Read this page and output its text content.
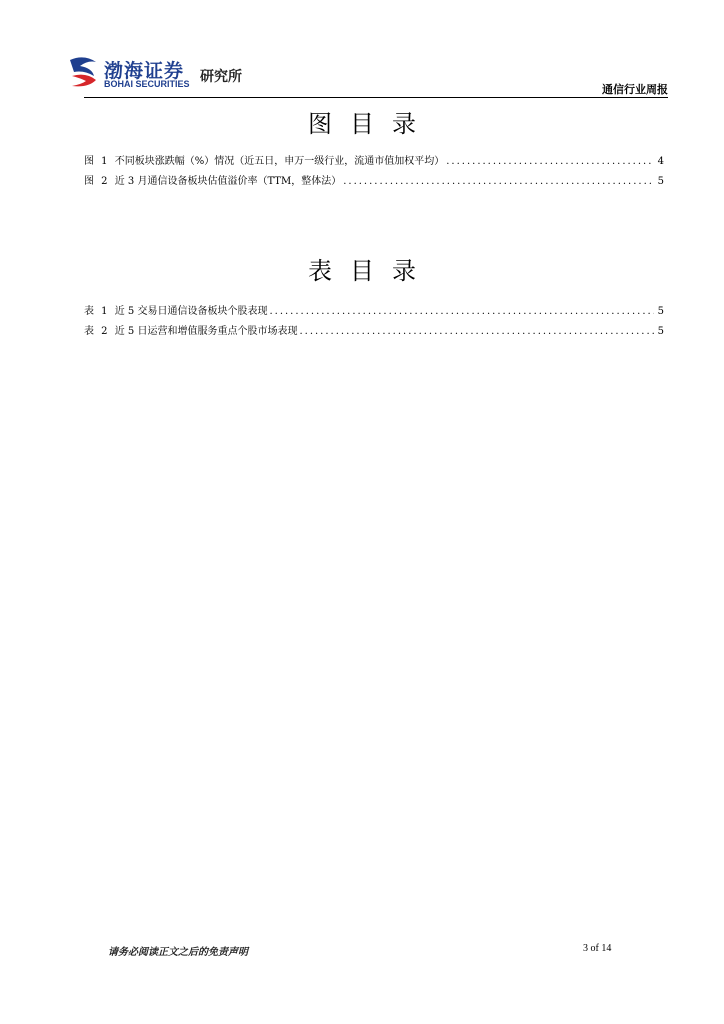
渤海证券
BOHAI SECURITIES 研究所
通信行业周报
图目录
图 1 不同板块涨跌幅（%）情况（近五日，申万一级行业，流通市值加权平均） .....	4
图 2 近 3 月通信设备板块估值溢价率（TTM，整体法） .....	5
表目录
表 1 近 5 交易日通信设备板块个股表现 .....	5
表 2 近 5 日运营和增值服务重点个股市场表现 .....	5
请务必阅读正文之后的免责声明	3 of 14
